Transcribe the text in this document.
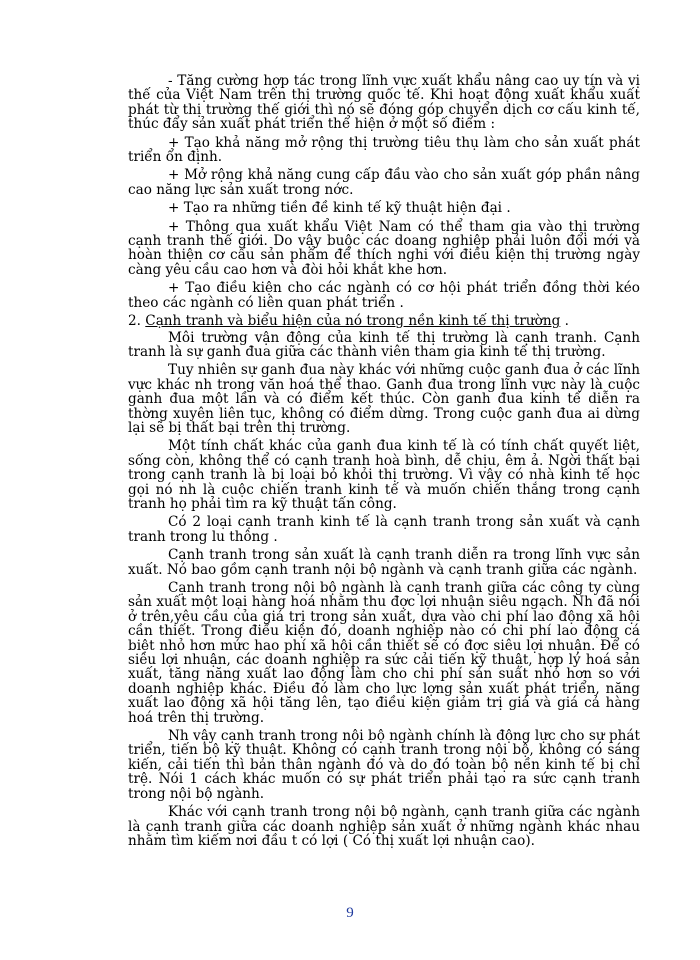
- Tăng cường hợp tác trong lĩnh vực xuất khẩu nâng cao uy tín và vị thế của Việt Nam trên thị trường quốc tế. Khi hoạt động xuất khẩu xuất phát từ thị trường thế giới thì nó sẽ đóng góp chuyển dịch cơ cấu kinh tế, thúc đẩy sản xuất phát triển thể hiện ở một số điểm :

+ Tạo khả năng mở rộng thị trường tiêu thụ làm cho sản xuất phát triển ổn định.

+ Mở rộng khả năng cung cấp đầu vào cho sản xuất góp phần nâng cao năng lực sản xuất trong nớc.

+ Tạo ra những tiền đề kinh tế kỹ thuật hiện đại .

+ Thông qua xuất khẩu Việt Nam có thể tham gia vào thị trường cạnh tranh thế giới. Do vậy buộc các doang nghiệp phải luôn đổi mới và hoàn thiện cơ cấu sản phẩm để thích nghi với điều kiện thị trường ngày càng yêu cầu cao hơn và đòi hỏi khắt khe hơn.

+ Tạo điều kiện cho các ngành có cơ hội phát triển đồng thời kéo theo các ngành có liên quan phát triển .

2. Cạnh tranh và biểu hiện của nó trong nền kinh tế thị trường .

Môi trường vận động của kinh tế thị trường là cạnh tranh. Cạnh tranh là sự ganh đua giữa các thành viên tham gia kinh tế thị trường.

Tuy nhiên sự ganh đua này khác với những cuộc ganh đua ở các lĩnh vực khác nh trong văn hoá thể thao. Ganh đua trong lĩnh vực này là cuộc ganh đua một lần và có điểm kết thúc. Còn ganh đua kinh tế diễn ra thờng xuyên liên tục, không có điểm dừng. Trong cuộc ganh đua ai dừng lại sẽ bị thất bại trên thị trường.

Một tính chất khác của ganh đua kinh tế là có tính chất quyết liệt, sống còn, không thể có cạnh tranh hoà bình, dễ chịu, êm ả. Ngời thất bại trong cạnh tranh là bị loại bỏ khỏi thị trường. Vì vậy có nhà kinh tế học gọi nó nh là cuộc chiến tranh kinh tế và muốn chiến thắng trong cạnh tranh họ phải tìm ra kỹ thuật tấn công.

Có 2 loại cạnh tranh kinh tế là cạnh tranh trong sản xuất và cạnh tranh trong lu thông .

Cạnh tranh trong sản xuất là cạnh tranh diễn ra trong lĩnh vực sản xuất. Nó bao gồm cạnh tranh nội bộ ngành và cạnh tranh giữa các ngành.

Cạnh tranh trong nội bộ ngành là cạnh tranh giữa các công ty cùng sản xuất một loại hàng hoá nhằm thu đợc lợi nhuận siêu ngạch. Nh đã nói ở trên,yêu cầu của giá trị trong sản xuất, dựa vào chi phí lao động xã hội cần thiết. Trong điều kiện đó, doanh nghiệp nào có chi phí lao động cá biệt nhỏ hơn mức hao phí xã hội cần thiết sẽ có đợc siêu lợi nhuận. Để có siêu lợi nhuận, các doanh nghiệp ra sức cải tiến kỹ thuật, hợp lý hoá sản xuất, tăng năng xuất lao động làm cho chi phí sản suất nhỏ hơn so với doanh nghiệp khác. Điều đó làm cho lực lợng sản xuất phát triển, năng xuất lao động xã hội tăng lên, tạo điều kiện giảm trị giá và giá cả hàng hoá trên thị trường.

Nh vậy cạnh tranh trong nội bộ ngành chính là động lực cho sự phát triển, tiến bộ kỹ thuật. Không có cạnh tranh trong nội bộ, không có sáng kiến, cải tiến thì bản thân ngành đó và do đó toàn bộ nền kinh tế bị chỉ trệ. Nói 1 cách khác muốn có sự phát triển phải tạo ra sức cạnh tranh trong nội bộ ngành.

Khác với cạnh tranh trong nội bộ ngành, cạnh tranh giữa các ngành là cạnh tranh giữa các doanh nghiệp sản xuất ở những ngành khác nhau nhằm tìm kiếm nơi đầu t có lợi ( Có thị xuất lợi nhuận cao).

9
